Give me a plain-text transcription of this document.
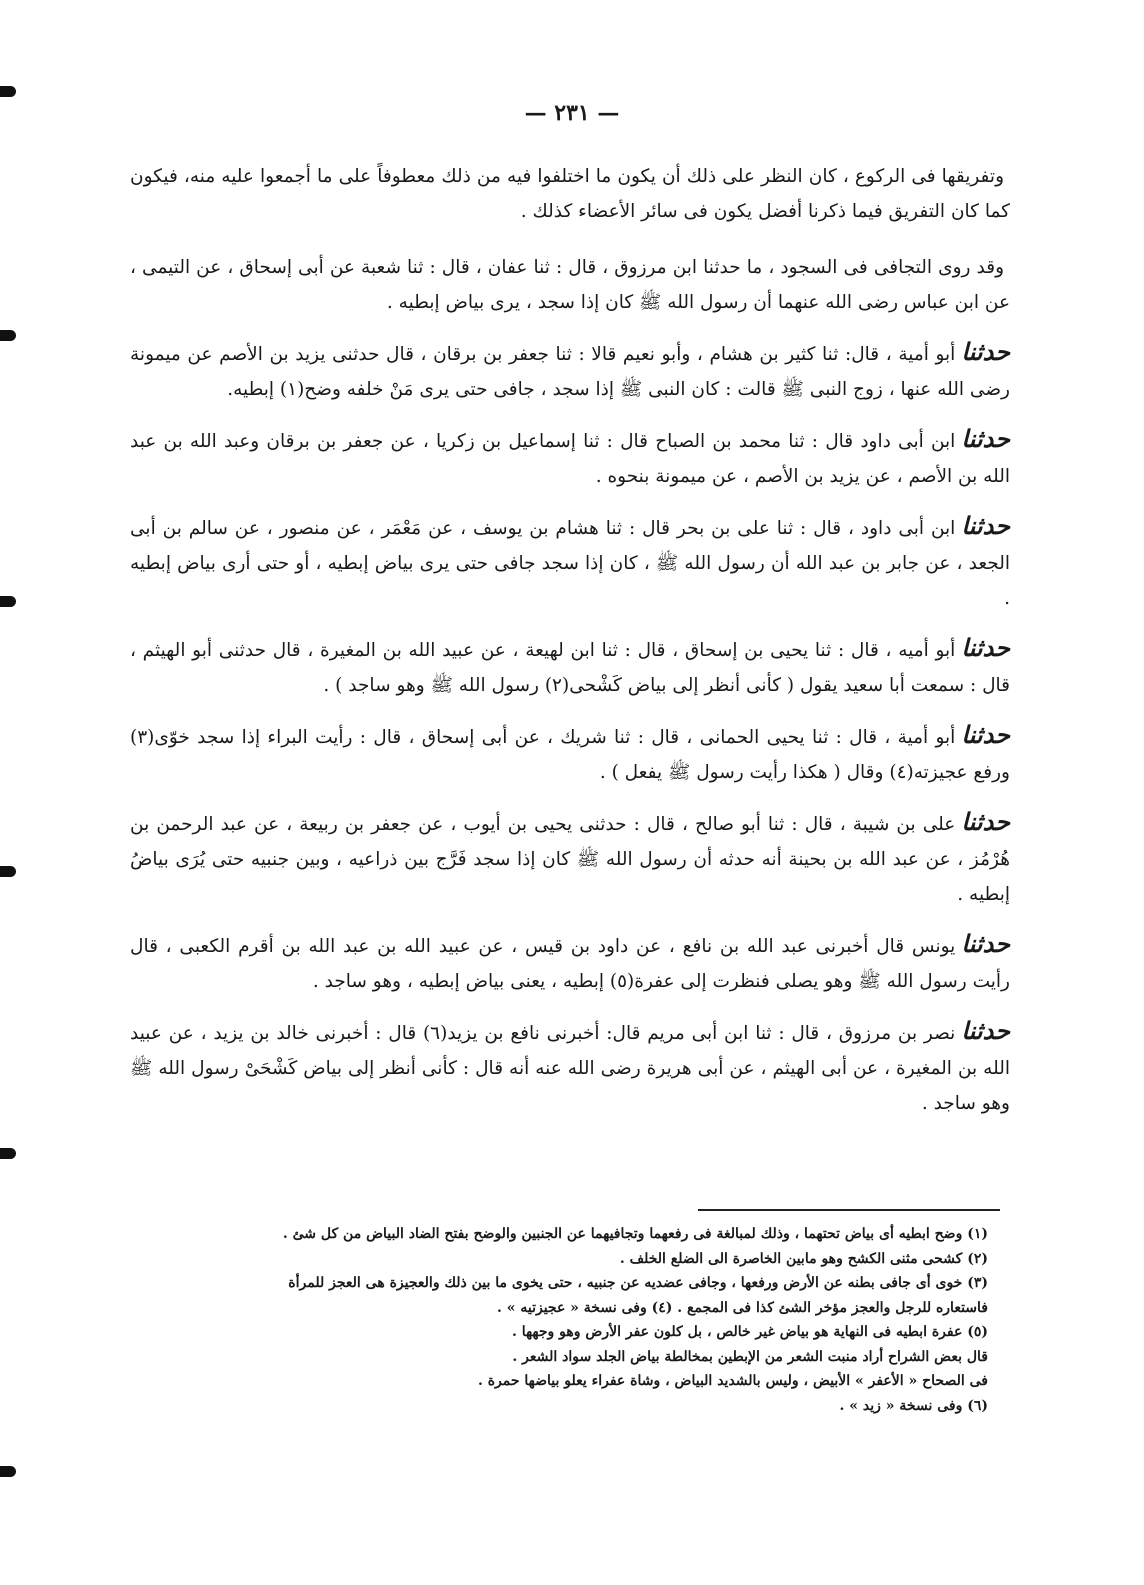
— ٢٣١ —

وتفريقها فى الركوع ، كان النظر على ذلك أن يكون ما اختلفوا فيه من ذلك معطوفاً على ما أجمعوا عليه منه، فيكون كما كان التفريق فيما ذكرنا أفضل يكون فى سائر الأعضاء كذلك .

وقد روى التجافى فى السجود ، ما حدثنا ابن مرزوق ، قال : ثنا عفان ، قال : ثنا شعبة عن أبى إسحاق ، عن التيمى ، عن ابن عباس رضى الله عنهما أن رسول الله ﷺ كان إذا سجد ، يرى بياض إبطيه .

حدثناأبو أمية ، قال: ثنا كثير بن هشام ، وأبو نعيم قالا : ثنا جعفر بن برقان ، قال حدثنى يزيد بن الأصم عن ميمونة رضى الله عنها ، زوج النبى ﷺ قالت : كان النبى ﷺ إذا سجد ، جافى حتى يرى مَنْ خلفه وضح(١) إبطيه.

حدثناابن أبى داود قال : ثنا محمد بن الصباح قال : ثنا إسماعيل بن زكريا ، عن جعفر بن برقان وعبد الله بن عبد الله بن الأصم ، عن يزيد بن الأصم ، عن ميمونة بنحوه .

حدثناابن أبى داود ، قال : ثنا على بن بحر قال : ثنا هشام بن يوسف ، عن مَعْمَر ، عن منصور ، عن سالم بن أبى الجعد ، عن جابر بن عبد الله أن رسول الله ﷺ ، كان إذا سجد جافى حتى يرى بياض إبطيه ، أو حتى أرى بياض إبطيه .

حدثناأبو أميه ، قال : ثنا يحيى بن إسحاق ، قال : ثنا ابن لهيعة ، عن عبيد الله بن المغيرة ، قال حدثنى أبو الهيثم ، قال : سمعت أبا سعيد يقول ( كأنى أنظر إلى بياض كَشْحى(٢) رسول الله ﷺ وهو ساجد ) .

حدثناأبو أمية ، قال : ثنا يحيى الحمانى ، قال : ثنا شريك ، عن أبى إسحاق ، قال : رأيت البراء إذا سجد خوّى(٣) ورفع عجيزته(٤) وقال ( هكذا رأيت رسول ﷺ يفعل ) .

حدثناعلى بن شيبة ، قال : ثنا أبو صالح ، قال : حدثنى يحيى بن أيوب ، عن جعفر بن ربيعة ، عن عبد الرحمن بن هُرْمُز ، عن عبد الله بن بحينة أنه حدثه أن رسول الله ﷺ كان إذا سجد فَرَّج بين ذراعيه ، وبين جنبيه حتى يُرَى بياضُ إبطيه .

حدثنايونس قال أخبرنى عبد الله بن نافع ، عن داود بن قيس ، عن عبيد الله بن عبد الله بن أقرم الكعبى ، قال رأيت رسول الله ﷺ وهو يصلى فنظرت إلى عفرة(٥) إبطيه ، يعنى بياض إبطيه ، وهو ساجد .

حدثنانصر بن مرزوق ، قال : ثنا ابن أبى مريم قال: أخبرنى نافع بن يزيد(٦) قال : أخبرنى خالد بن يزيد ، عن عبيد الله بن المغيرة ، عن أبى الهيثم ، عن أبى هريرة رضى الله عنه أنه قال : كأنى أنظر إلى بياض كَشْحَىْ رسول الله ﷺ وهو ساجد .

(١) وضح ابطيه أى بياض تحتهما ، وذلك لمبالغة فى رفعهما وتجافيهما عن الجنبين والوضح بفتح الضاد البياض من كل شئ .

(٢) كشحى مثنى الكشح وهو مابين الخاصرة الى الضلع الخلف .

(٣) خوى أى جافى بطنه عن الأرض ورفعها ، وجافى عضديه عن جنبيه ، حتى يخوى ما بين ذلك والعجيزة هى العجز للمرأة

فاستعاره للرجل والعجز مؤخر الشئ كذا فى المجمع . (٤) وفى نسخة « عجيزتيه » .

(٥) عفرة ابطيه فى النهاية هو بياض غير خالص ، بل كلون عفر الأرض وهو وجهها .

قال بعض الشراح أراد منبت الشعر من الإبطين بمخالطة بياض الجلد سواد الشعر .

فى الصحاح « الأعفر » الأبيض ، وليس بالشديد البياض ، وشاة عفراء يعلو بياضها حمرة .

(٦) وفى نسخة « زيد » .
